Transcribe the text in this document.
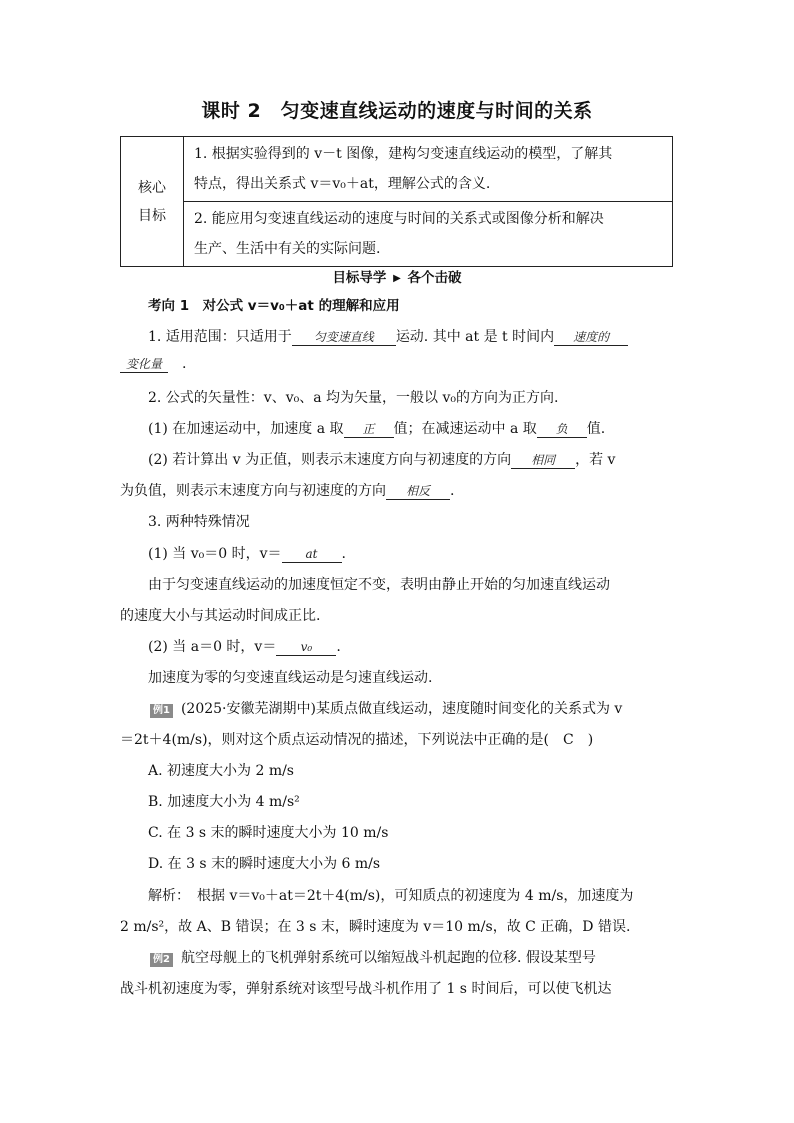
课时 2　匀变速直线运动的速度与时间的关系
核心
目标

1. 根据实验得到的 v－t 图像，建构匀变速直线运动的模型，了解其
特点，得出关系式 v＝v₀＋at，理解公式的含义.

2. 能应用匀变速直线运动的速度与时间的关系式或图像分析和解决
生产、生活中有关的实际问题.
目标导学 ▶ 各个击破
考向 1　对公式 v＝v₀＋at 的理解和应用
1. 适用范围：只适用于 匀变速直线 运动. 其中 at 是 t 时间内 速度的
变化量 .
2. 公式的矢量性：v、v₀、a 均为矢量，一般以 v₀的方向为正方向.
(1) 在加速运动中，加速度 a 取 正 值；在减速运动中 a 取 负 值.
(2) 若计算出 v 为正值，则表示末速度方向与初速度的方向 相同 ，若 v
为负值，则表示末速度方向与初速度的方向 相反 .
3. 两种特殊情况
(1) 当 v₀＝0 时，v＝ at .
由于匀变速直线运动的加速度恒定不变，表明由静止开始的匀加速直线运动
的速度大小与其运动时间成正比.
(2) 当 a＝0 时，v＝ v₀ .
加速度为零的匀变速直线运动是匀速直线运动.
例1 (2025·安徽芜湖期中)某质点做直线运动，速度随时间变化的关系式为 v
＝2t＋4(m/s)，则对这个质点运动情况的描述，下列说法中正确的是(　C　)
A. 初速度大小为 2 m/s
B. 加速度大小为 4 m/s²
C. 在 3 s 末的瞬时速度大小为 10 m/s
D. 在 3 s 末的瞬时速度大小为 6 m/s
解析：　根据 v＝v₀＋at＝2t＋4(m/s)，可知质点的初速度为 4 m/s，加速度为
2 m/s²，故 A、B 错误；在 3 s 末，瞬时速度为 v＝10 m/s，故 C 正确，D 错误.
例2 航空母舰上的飞机弹射系统可以缩短战斗机起跑的位移. 假设某型号
战斗机初速度为零，弹射系统对该型号战斗机作用了 1 s 时间后，可以使飞机达
